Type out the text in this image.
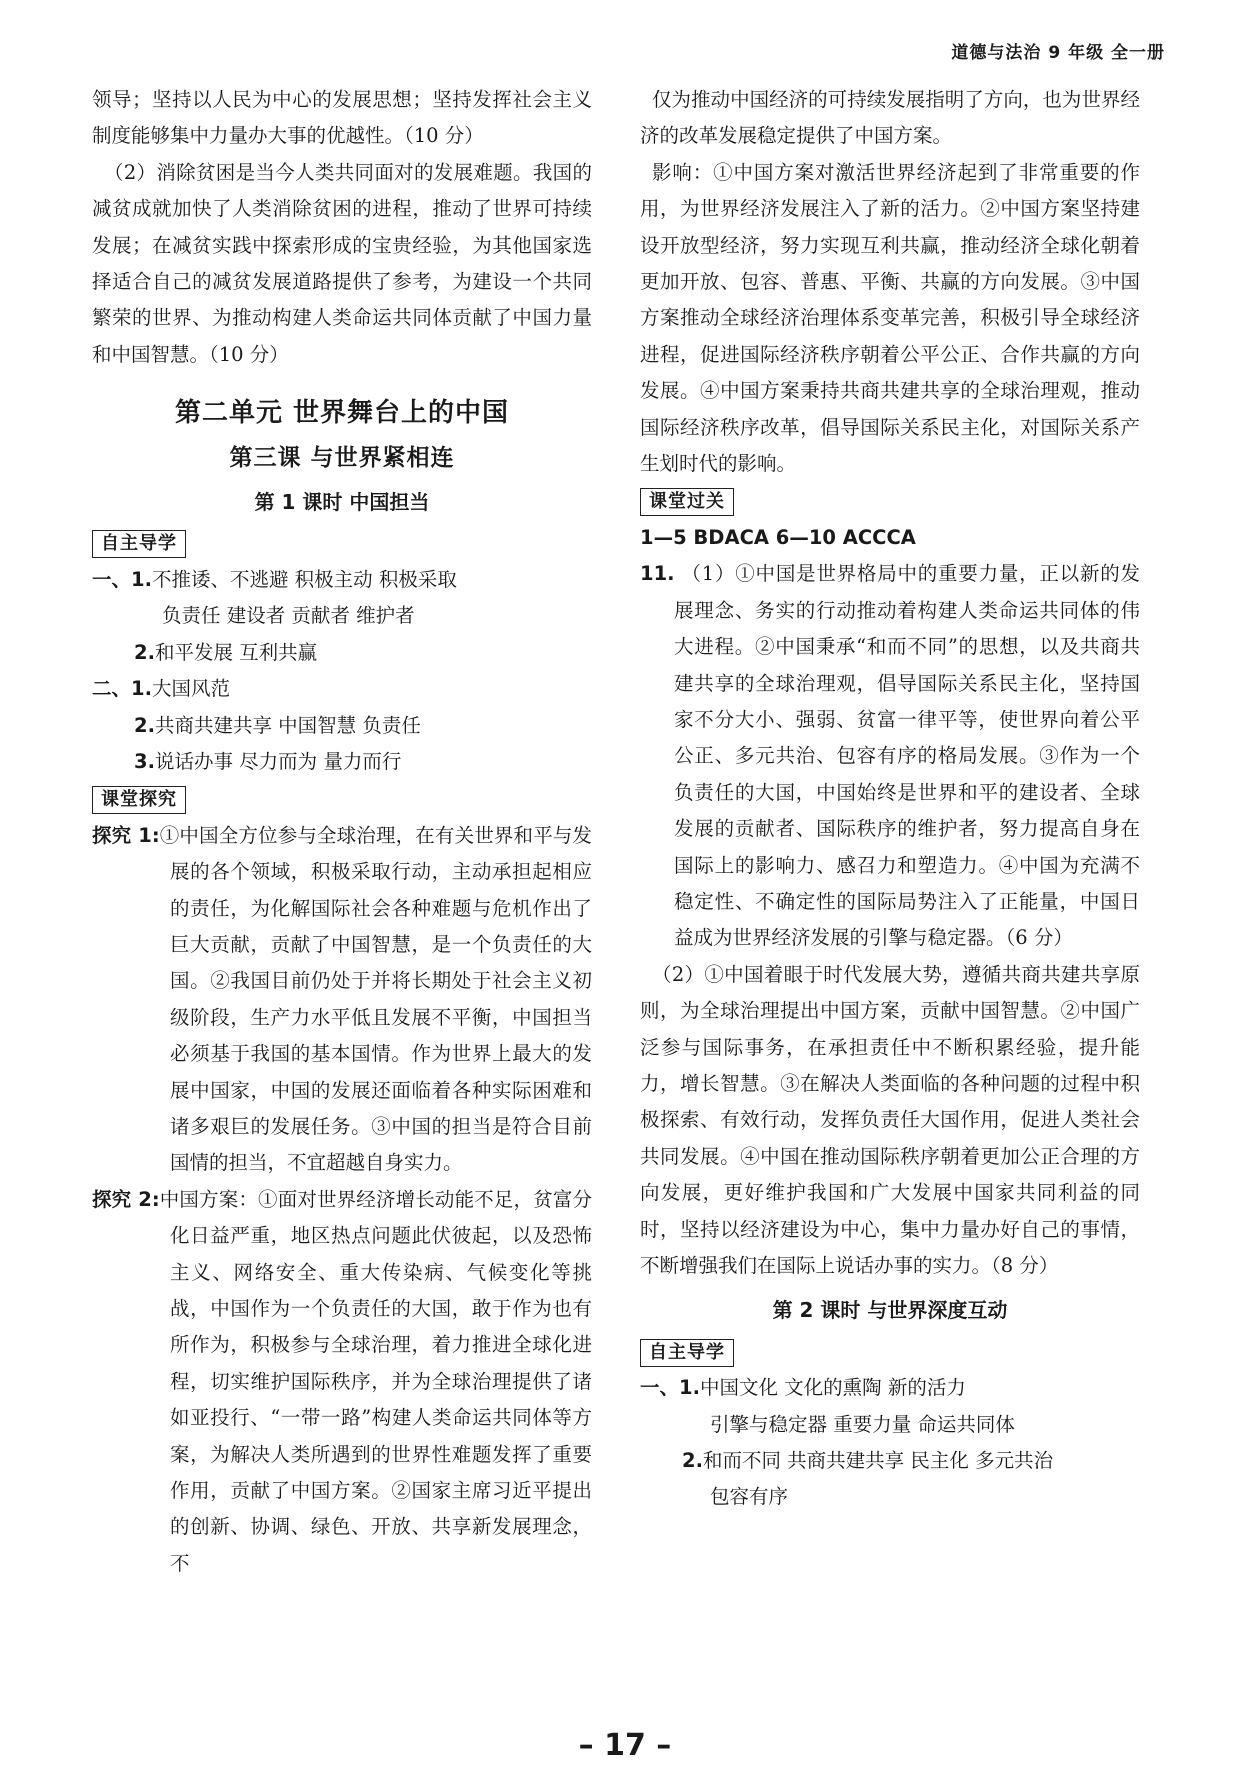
道德与法治 9 年级 全一册

领导；坚持以人民为中心的发展思想；坚持发挥社会主义制度能够集中力量办大事的优越性。（10 分）

（2）消除贫困是当今人类共同面对的发展难题。我国的减贫成就加快了人类消除贫困的进程，推动了世界可持续发展；在减贫实践中探索形成的宝贵经验，为其他国家选择适合自己的减贫发展道路提供了参考，为建设一个共同繁荣的世界、为推动构建人类命运共同体贡献了中国力量和中国智慧。（10 分）

第二单元 世界舞台上的中国
第三课 与世界紧相连
第 1 课时 中国担当
自主导学
一、1.不推诿、不逃避 积极主动 积极采取
负责任 建设者 贡献者 维护者
2.和平发展 互利共赢
二、1.大国风范
2.共商共建共享 中国智慧 负责任
3.说话办事 尽力而为 量力而行
课堂探究

探究 1:①中国全方位参与全球治理，在有关世界和平与发展的各个领域，积极采取行动，主动承担起相应的责任，为化解国际社会各种难题与危机作出了巨大贡献，贡献了中国智慧，是一个负责任的大国。②我国目前仍处于并将长期处于社会主义初级阶段，生产力水平低且发展不平衡，中国担当必须基于我国的基本国情。作为世界上最大的发展中国家，中国的发展还面临着各种实际困难和诸多艰巨的发展任务。③中国的担当是符合目前国情的担当，不宜超越自身实力。

探究 2:中国方案：①面对世界经济增长动能不足，贫富分化日益严重，地区热点问题此伏彼起，以及恐怖主义、网络安全、重大传染病、气候变化等挑战，中国作为一个负责任的大国，敢于作为也有所作为，积极参与全球治理，着力推进全球化进程，切实维护国际秩序，并为全球治理提供了诸如亚投行、“一带一路”构建人类命运共同体等方案，为解决人类所遇到的世界性难题发挥了重要作用，贡献了中国方案。②国家主席习近平提出的创新、协调、绿色、开放、共享新发展理念，不

仅为推动中国经济的可持续发展指明了方向，也为世界经济的改革发展稳定提供了中国方案。

影响：①中国方案对激活世界经济起到了非常重要的作用，为世界经济发展注入了新的活力。②中国方案坚持建设开放型经济，努力实现互利共赢，推动经济全球化朝着更加开放、包容、普惠、平衡、共赢的方向发展。③中国方案推动全球经济治理体系变革完善，积极引导全球经济进程，促进国际经济秩序朝着公平公正、合作共赢的方向发展。④中国方案秉持共商共建共享的全球治理观，推动国际经济秩序改革，倡导国际关系民主化，对国际关系产生划时代的影响。

课堂过关
1—5 BDACA 6—10 ACCCA

11. （1）①中国是世界格局中的重要力量，正以新的发展理念、务实的行动推动着构建人类命运共同体的伟大进程。②中国秉承“和而不同”的思想，以及共商共建共享的全球治理观，倡导国际关系民主化，坚持国家不分大小、强弱、贫富一律平等，使世界向着公平公正、多元共治、包容有序的格局发展。③作为一个负责任的大国，中国始终是世界和平的建设者、全球发展的贡献者、国际秩序的维护者，努力提高自身在国际上的影响力、感召力和塑造力。④中国为充满不稳定性、不确定性的国际局势注入了正能量，中国日益成为世界经济发展的引擎与稳定器。（6 分）

（2）①中国着眼于时代发展大势，遵循共商共建共享原则，为全球治理提出中国方案，贡献中国智慧。②中国广泛参与国际事务，在承担责任中不断积累经验，提升能力，增长智慧。③在解决人类面临的各种问题的过程中积极探索、有效行动，发挥负责任大国作用，促进人类社会共同发展。④中国在推动国际秩序朝着更加公正合理的方向发展，更好维护我国和广大发展中国家共同利益的同时，坚持以经济建设为中心，集中力量办好自己的事情，不断增强我们在国际上说话办事的实力。（8 分）

第 2 课时 与世界深度互动
自主导学
一、1.中国文化 文化的熏陶 新的活力
引擎与稳定器 重要力量 命运共同体
2.和而不同 共商共建共享 民主化 多元共治
包容有序
– 17 –
